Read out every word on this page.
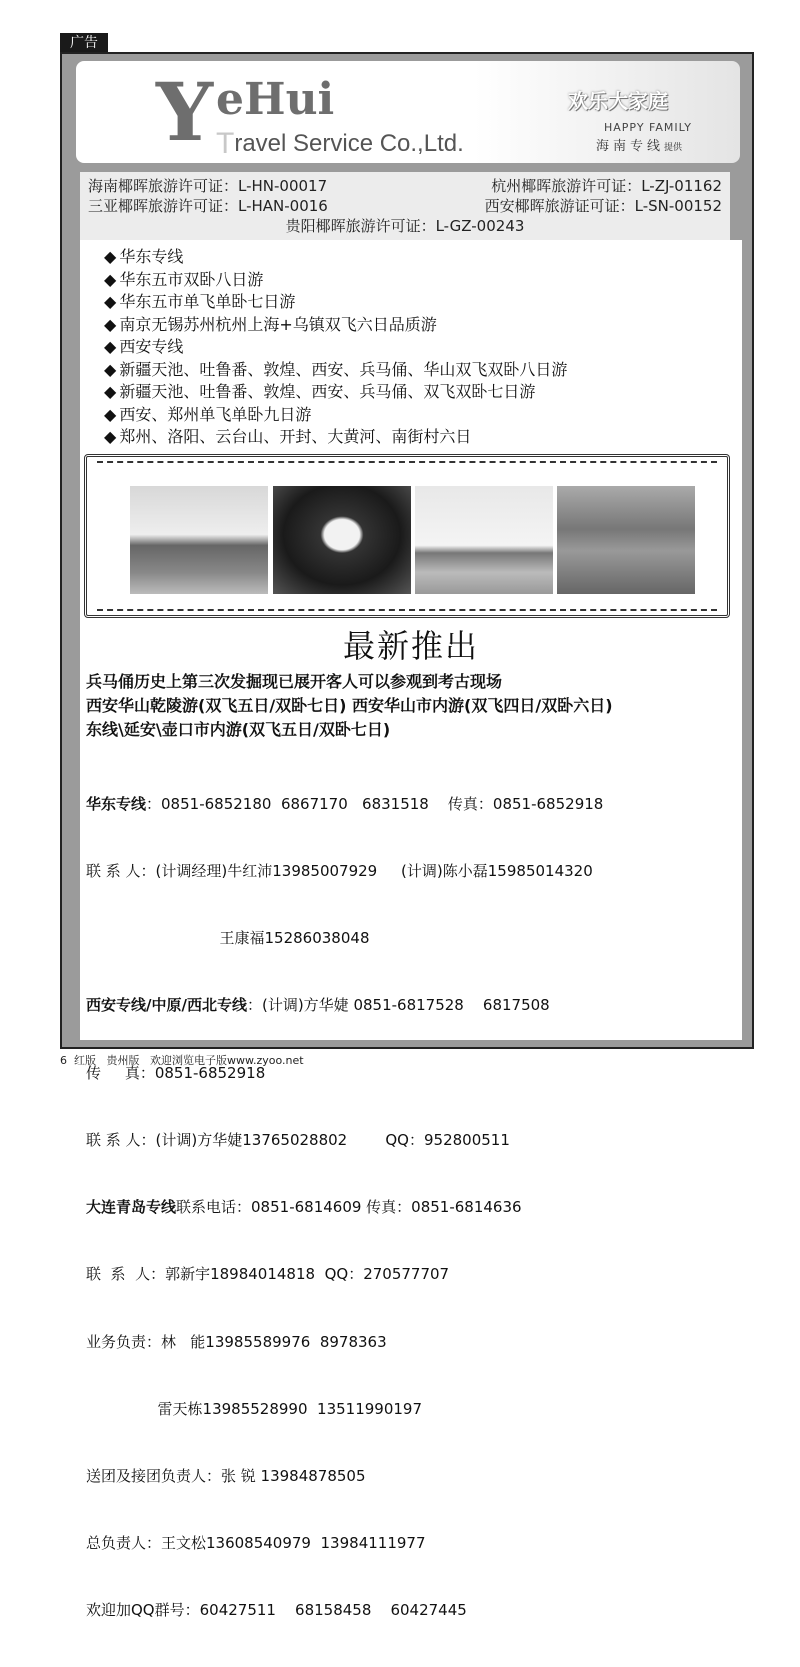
广告
Y eHui
T ravel Service Co.,Ltd.
欢乐大家庭
HAPPY FAMILY
海南专线提供
海南椰晖旅游许可证：L-HN-00017	杭州椰晖旅游许可证：L-ZJ-01162
三亚椰晖旅游许可证：L-HAN-0016	西安椰晖旅游证可证：L-SN-00152
贵阳椰晖旅游许可证：L-GZ-00243
◆ 华东专线
◆ 华东五市双卧八日游
◆ 华东五市单飞单卧七日游
◆ 南京无锡苏州杭州上海+乌镇双飞六日品质游
◆ 西安专线
◆ 新疆天池、吐鲁番、敦煌、西安、兵马俑、华山双飞双卧八日游
◆ 新疆天池、吐鲁番、敦煌、西安、兵马俑、双飞双卧七日游
◆ 西安、郑州单飞单卧九日游
◆ 郑州、洛阳、云台山、开封、大黄河、南街村六日
最新推出
兵马俑历史上第三次发掘现已展开客人可以参观到考古现场
西安华山乾陵游(双飞五日/双卧七日) 西安华山市内游(双飞四日/双卧六日)
东线\延安\壶口市内游(双飞五日/双卧七日)

华东专线：0851-6852180  6867170   6831518    传真：0851-6852918

联 系 人：(计调经理)牛红沛13985007929     (计调)陈小磊15985014320

王康福15286038048

西安专线/中原/西北专线：(计调)方华婕 0851-6817528    6817508

传     真：0851-6852918

联 系 人：(计调)方华婕13765028802        QQ：952800511

大连青岛专线联系电话：0851-6814609 传真：0851-6814636

联  系  人：郭新宇18984014818  QQ：270577707

业务负责：林   能13985589976  8978363

雷天栋13985528990  13511990197

送团及接团负责人：张 锐 13984878505

总负责人：王文松13608540979  13984111977

欢迎加QQ群号：60427511    68158458    60427445

6  红版   贵州版   欢迎浏览电子版www.zyoo.net
